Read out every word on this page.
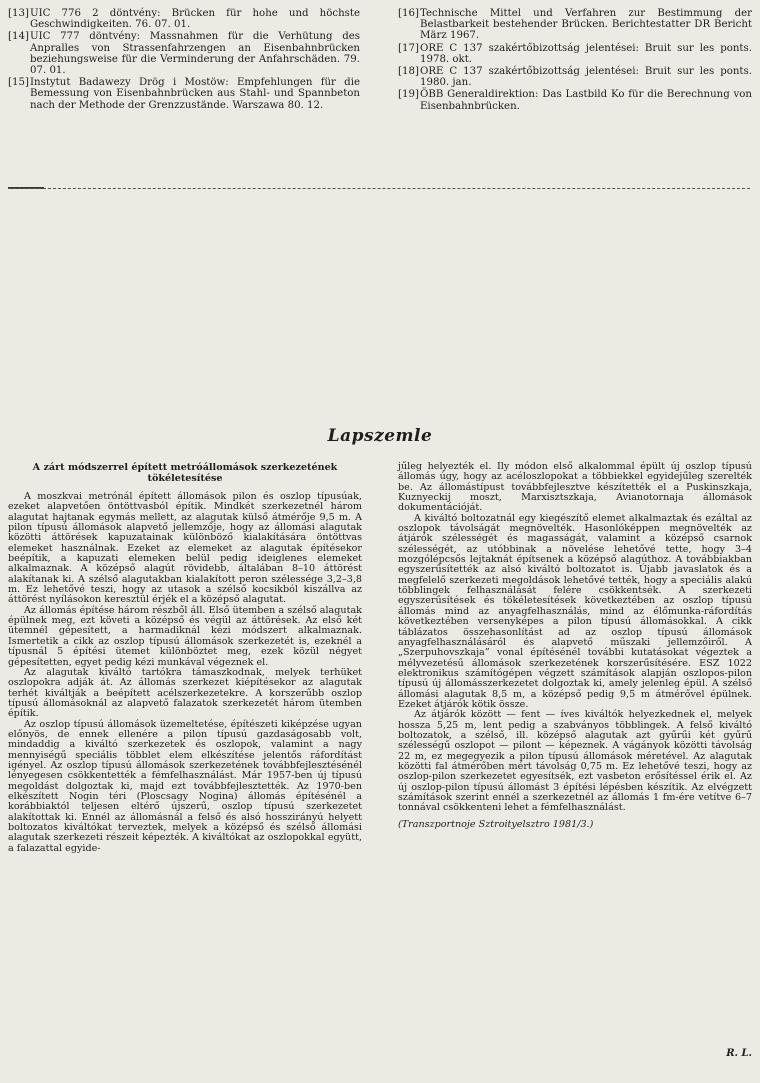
[13] UIC 776 2 döntvény: Brücken für hohe und höchste Geschwindigkeiten. 76. 07. 01.
[14] UIC 777 döntvény: Massnahmen für die Verhütung des Anpralles von Strassenfahrzengen an Eisenbahnbrücken beziehungsweise für die Verminderung der Anfahrschäden. 79. 07. 01.
[15] Instytut Badawezy Drög i Mostöw: Empfehlungen für die Bemessung von Eisenbahnbrücken aus Stahl- und Spannbeton nach der Methode der Grenzzustände. Warszawa 80. 12.
[16] Technische Mittel und Verfahren zur Bestimmung der Belastbarkeit bestehender Brücken. Berichtestatter DR Bericht März 1967.
[17] ORE C 137 szakértőbizottság jelentései: Bruit sur les ponts. 1978. okt.
[18] ORE C 137 szakértőbizottság jelentései: Bruit sur les ponts. 1980. jan.
[19] ÖBB Generaldirektion: Das Lastbild Ko für die Berechnung von Eisenbahnbrücken.
Lapszemle
A zárt módszerrel épített metróállomások szerkezetének tökéletesítése

A moszkvai metrónál épített állomások pilon és oszlop típusúak, ezeket alapvetően öntöttvasból építik. Mindkét szerkezetnél három alagutat hajtanak egymás mellett, az alagutak külső átmérője 9,5 m. A pilon típusú állomások alapvető jellemzője, hogy az állomási alagutak közötti áttörések kapuzatainak különböző kialakítására öntöttvas elemeket használnak. Ezeket az elemeket az alagutak építésekor beépítik, a kapuzati elemeken belül pedig ideiglenes elemeket alkalmaznak. A középső alagút rövidebb, általában 8–10 áttörést alakítanak ki. A szélső alagutakban kialakított peron szélessége 3,2–3,8 m. Ez lehetővé teszi, hogy az utasok a szélső kocsikból kiszállva az áttörést nyílásokon keresztül érjék el a középső alagutat.

Az állomás építése három részből áll. Első ütemben a szélső alagutak épülnek meg, ezt követi a középső és végül az áttörések. Az első két ütemnél gépesített, a harmadiknál kézi módszert alkalmaznak. Ismertetik a cikk az oszlop típusú állomások szerkezetét is, ezeknél a típusnál 5 építési ütemet különböztet meg, ezek közül négyet gépesítetten, egyet pedig kézi munkával végeznek el.

Az alagutak kiváltó tartókra támaszkodnak, melyek terhüket oszlopokra adják át. Az állomás szerkezet kiépítésekor az alagutak terhét kiváltják a beépített acélszerkezetekre. A korszerűbb oszlop típusú állomásoknál az alapvető falazatok szerkezetét három ütemben építik.

Az oszlop típusú állomások üzemeltetése, építészeti kiképzése ugyan előnyös, de ennek ellenére a pilon típusú gazdaságosabb volt, mindaddig a kiváltó szerkezetek és oszlopok, valamint a nagy mennyiségű speciális többlet elem elkészítése jelentős ráfordítást igényel. Az oszlop típusú állomások szerkezetének továbbfejlesztésénél lényegesen csökkentették a fémfelhasználást. Már 1957-ben új típusú megoldást dolgoztak ki, majd ezt továbbfejlesztették. Az 1970-ben elkészített Nogin téri (Ploscsagy Nogina) állomás építésénél a korábbiaktól teljesen eltérő újszerű, oszlop típusú szerkezetet alakítottak ki. Ennél az állomásnál a felső és alsó hosszirányú helyett boltozatos kiváltókat terveztek, melyek a középső és szélső állomási alagutak szerkezeti részeit képezték. A kiváltókat az oszlopokkal együtt, a falazattal egyide-

jűleg helyezték el. Ily módon első alkalommal épült új oszlop típusú állomás úgy, hogy az acéloszlopokat a többiekkel egyidejűleg szerelték be. Az állomástípust továbbfejlesztve készítették el a Puskinszkaja, Kuznyeckij moszt, Marxisztszkaja, Avianotornaja állomások dokumentációját.

A kiváltó boltozatnál egy kiegészítő elemet alkalmaztak és ezáltal az oszlopok távolságát megnövelték. Hasonlóképpen megnövelték az átjárók szélességét és magasságát, valamint a középső csarnok szélességét, az utóbbinak a növelése lehetővé tette, hogy 3–4 mozgólépcsős lejtaknát építsenek a középső alagúthoz. A továbbiakban egyszerűsítették az alsó kiváltó boltozatot is. Újabb javaslatok és a megfelelő szerkezeti megoldások lehetővé tették, hogy a speciális alakú többlingek felhasználását felére csökkentsék. A szerkezeti egyszerűsítések és tökéletesítések következtében az oszlop típusú állomás mind az anyagfelhasználás, mind az élőmunka-ráfordítás következtében versenyképes a pilon típusú állomásokkal. A cikk táblázatos összehasonlítást ad az oszlop típusú állomások anyagfelhasználásáról és alapvető műszaki jellemzőiről. A „Szerpuhovszkaja” vonal építésénél további kutatásokat végeztek a mélyvezetésű állomások szerkezetének korszerűsítésére. ESZ 1022 elektronikus számítógépen végzett számítások alapján oszlopos-pilon típusú új állomásszerkezetet dolgoztak ki, amely jelenleg épül. A szélső állomási alagutak 8,5 m, a középső pedig 9,5 m átmérővel épülnek. Ezeket átjárók kötik össze.

Az átjárók között — fent — íves kiváltók helyezkednek el, melyek hossza 5,25 m, lent pedig a szabványos többlingek. A felső kiváltó boltozatok, a szélső, ill. középső alagutak azt gyűrűi két gyűrű szélességű oszlopot — pilont — képeznek. A vágányok közötti távolság 22 m, ez megegyezik a pilon típusú állomások méretével. Az alagutak közötti fal átmérőben mért távolság 0,75 m. Ez lehetővé teszi, hogy az oszlop-pilon szerkezetet egyesítsék, ezt vasbeton erősítéssel érik el. Az új oszlop-pilon típusú állomást 3 építési lépésben készítik. Az elvégzett számítások szerint ennél a szerkezetnél az állomás 1 fm-ére vetítve 6–7 tonnával csökkenteni lehet a fémfelhasználást.

(Transzportnoje Sztroityelsztro 1981/3.)

R. L.
